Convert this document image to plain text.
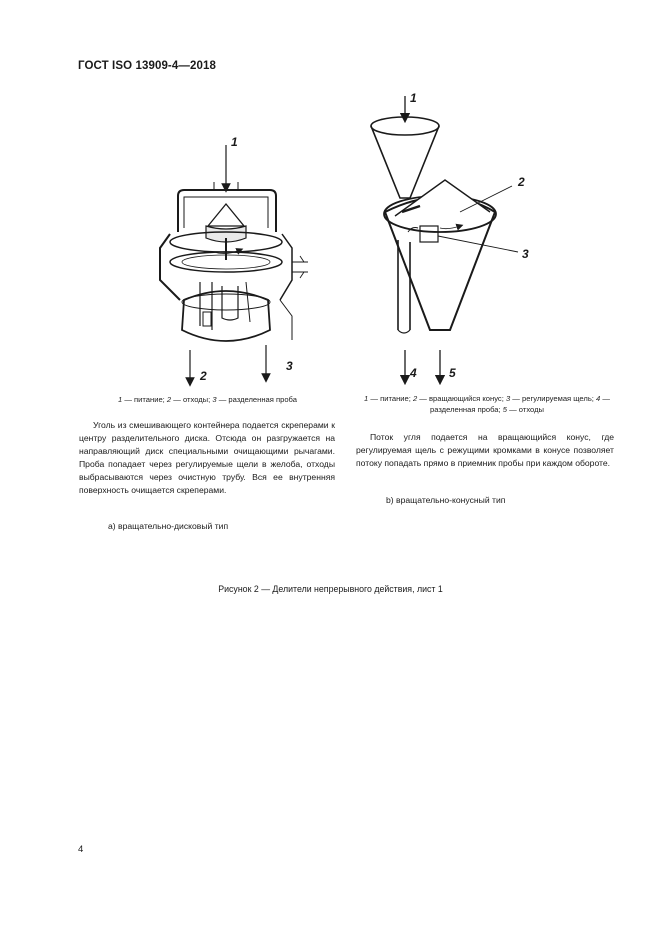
ГОСТ ISO 13909-4—2018
1
2
3
1
2
3
4	5
1 — питание; 2 — отходы; 3 — разделенная проба	1 — питание; 2 — вращающийся конус; 3 — регулируемая щель; 4 — разделенная проба; 5 — отходы
Уголь из смешивающего контейнера подается скреперами к центру разделительного диска. Отсюда он разгружается на направляющий диск специальными очищающими рычагами. Проба попадает через регулируемые щели в желоба, отходы выбрасываются через очистную трубу. Вся ее внутренняя поверхность очищается скреперами.
Поток угля подается на вращающийся конус, где регулируемая щель с режущими кромками в конусе позволяет потоку попадать прямо в приемник пробы при каждом обороте.
а) вращательно-дисковый тип
b) вращательно-конусный тип
Рисунок 2 — Делители непрерывного действия, лист 1
4
